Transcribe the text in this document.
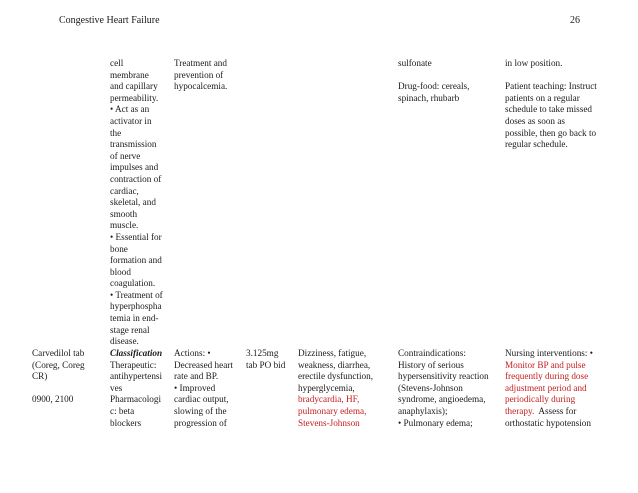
Congestive Heart Failure	26
cell
membrane
and capillary
permeability.
• Act as an
activator in
the
transmission
of nerve
impulses and
contraction of
cardiac,
skeletal, and
smooth
muscle.
• Essential for
bone
formation and
blood
coagulation.
• Treatment of
hyperphospha
temia in end-
stage renal
disease.
Treatment and
prevention of
hypocalcemia.
sulfonate
Drug-food: cereals,
spinach, rhubarb
in low position.
Patient teaching: Instruct
patients on a regular
schedule to take missed
doses as soon as
possible, then go back to
regular schedule.
Carvedilol tab
(Coreg, Coreg
CR)
0900, 2100
Classification
Therapeutic:
antihypertensi
ves
Pharmacologi
c: beta
blockers
Actions: •
Decreased heart
rate and BP.
• Improved
cardiac output,
slowing of the
progression of
3.125mg
tab PO bid
Dizziness, fatigue,
weakness, diarrhea,
erectile dysfunction,
hyperglycemia,
bradycardia, HF,
pulmonary edema,
Stevens-Johnson
Contraindications:
History of serious
hypersensitivity reaction
(Stevens-Johnson
syndrome, angioedema,
anaphylaxis);
• Pulmonary edema;
Nursing interventions: •
Monitor BP and pulse
frequently during dose
adjustment period and
periodically during
therapy.  Assess for
orthostatic hypotension
